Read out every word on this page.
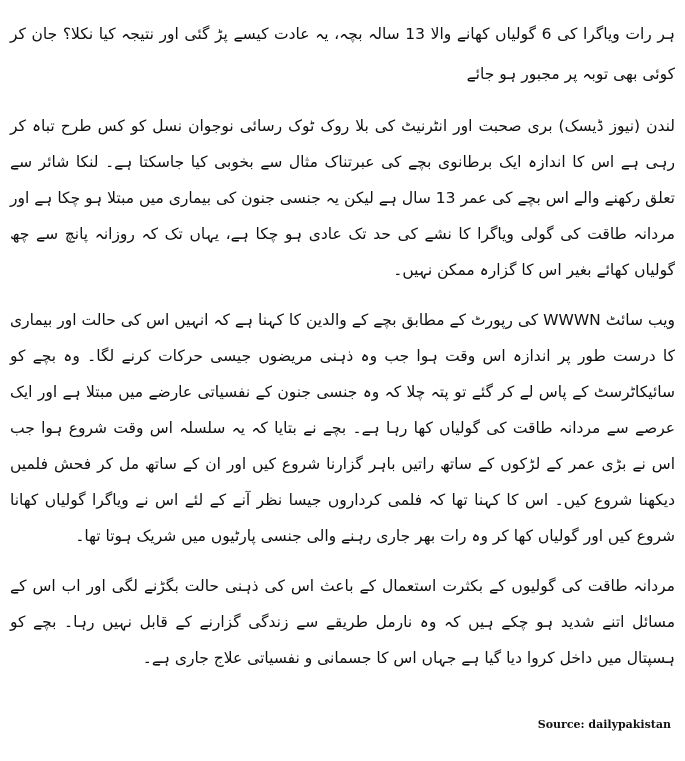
ہر رات ویاگرا کی 6 گولیاں کھانے والا 13 سالہ بچہ، یہ عادت کیسے پڑ گئی اور نتیجہ کیا نکلا؟ جان کر کوئی بھی توبہ پر مجبور ہو جائے

لندن (نیوز ڈیسک) بری صحبت اور انٹرنیٹ کی بلا روک ٹوک رسائی نوجوان نسل کو کس طرح تباہ کر رہی ہے اس کا اندازہ ایک برطانوی بچے کی عبرتناک مثال سے بخوبی کیا جاسکتا ہے۔ لنکا شائر سے تعلق رکھنے والے اس بچے کی عمر 13 سال ہے لیکن یہ جنسی جنون کی بیماری میں مبتلا ہو چکا ہے اور مردانہ طاقت کی گولی ویاگرا کا نشے کی حد تک عادی ہو چکا ہے، یہاں تک کہ روزانہ پانچ سے چھ گولیاں کھائے بغیر اس کا گزارہ ممکن نہیں۔

ویب سائٹ WWWN کی رپورٹ کے مطابق بچے کے والدین کا کہنا ہے کہ انہیں اس کی حالت اور بیماری کا درست طور پر اندازہ اس وقت ہوا جب وہ ذہنی مریضوں جیسی حرکات کرنے لگا۔ وہ بچے کو سائیکاٹرسٹ کے پاس لے کر گئے تو پتہ چلا کہ وہ جنسی جنون کے نفسیاتی عارضے میں مبتلا ہے اور ایک عرصے سے مردانہ طاقت کی گولیاں کھا رہا ہے۔ بچے نے بتایا کہ یہ سلسلہ اس وقت شروع ہوا جب اس نے بڑی عمر کے لڑکوں کے ساتھ راتیں باہر گزارنا شروع کیں اور ان کے ساتھ مل کر فحش فلمیں دیکھنا شروع کیں۔ اس کا کہنا تھا کہ فلمی کرداروں جیسا نظر آنے کے لئے اس نے ویاگرا گولیاں کھانا شروع کیں اور گولیاں کھا کر وہ رات بھر جاری رہنے والی جنسی پارٹیوں میں شریک ہوتا تھا۔

مردانہ طاقت کی گولیوں کے بکثرت استعمال کے باعث اس کی ذہنی حالت بگڑنے لگی اور اب اس کے مسائل اتنے شدید ہو چکے ہیں کہ وہ نارمل طریقے سے زندگی گزارنے کے قابل نہیں رہا۔ بچے کو ہسپتال میں داخل کروا دیا گیا ہے جہاں اس کا جسمانی و نفسیاتی علاج جاری ہے۔

Source: dailypakistan
